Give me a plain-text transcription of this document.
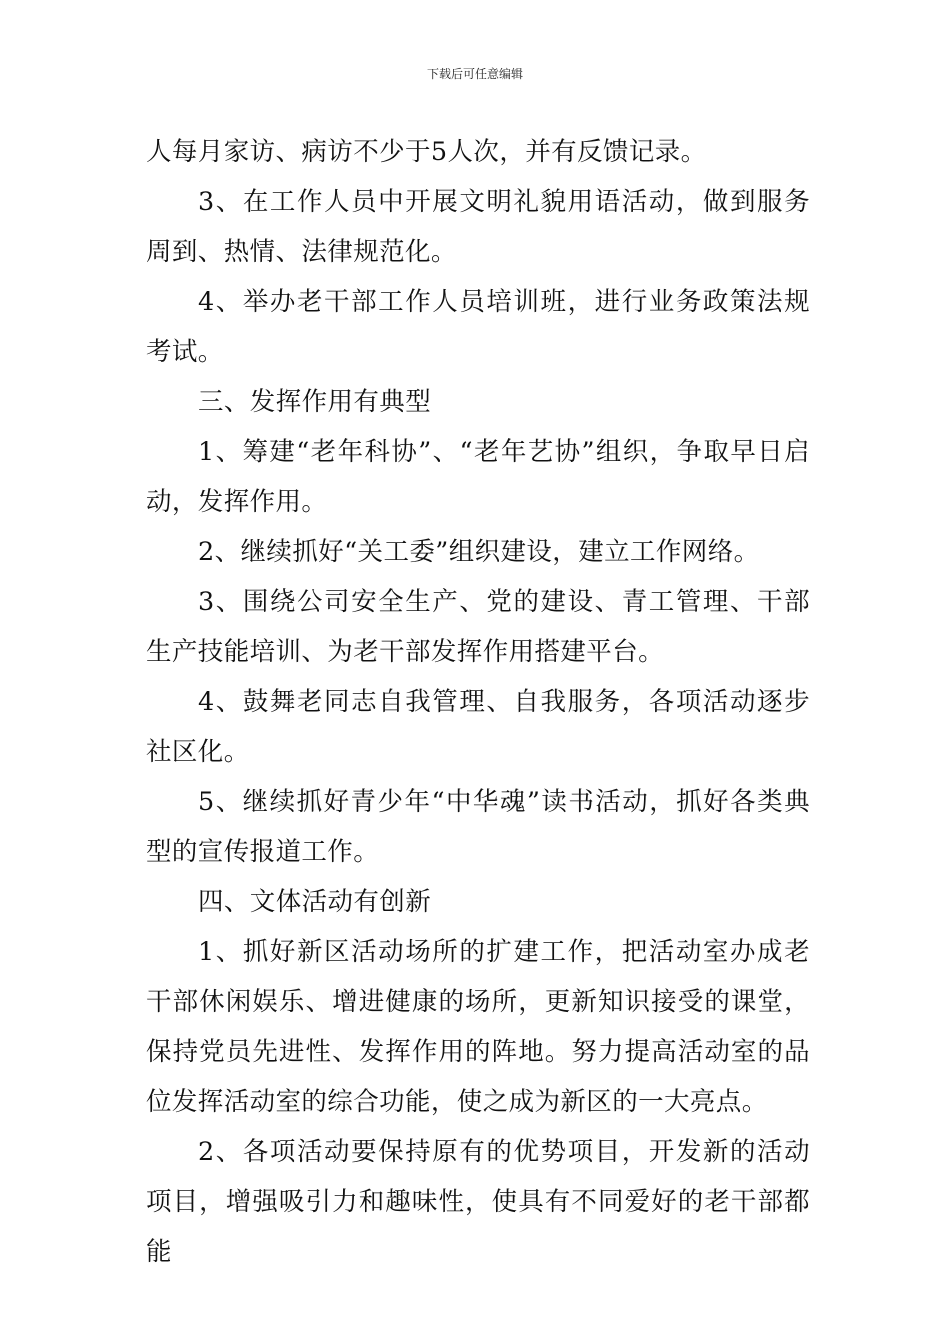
下载后可任意编辑

人每月家访、病访不少于5人次，并有反馈记录。

3、在工作人员中开展文明礼貌用语活动，做到服务周到、热情、法律规范化。

4、举办老干部工作人员培训班，进行业务政策法规考试。

三、发挥作用有典型

1、筹建“老年科协”、“老年艺协”组织，争取早日启动，发挥作用。

2、继续抓好“关工委”组织建设，建立工作网络。

3、围绕公司安全生产、党的建设、青工管理、干部生产技能培训、为老干部发挥作用搭建平台。

4、鼓舞老同志自我管理、自我服务，各项活动逐步社区化。

5、继续抓好青少年“中华魂”读书活动，抓好各类典型的宣传报道工作。

四、文体活动有创新

1、抓好新区活动场所的扩建工作，把活动室办成老干部休闲娱乐、增进健康的场所，更新知识接受的课堂，保持党员先进性、发挥作用的阵地。努力提高活动室的品位发挥活动室的综合功能，使之成为新区的一大亮点。

2、各项活动要保持原有的优势项目，开发新的活动项目，增强吸引力和趣味性，使具有不同爱好的老干部都能
